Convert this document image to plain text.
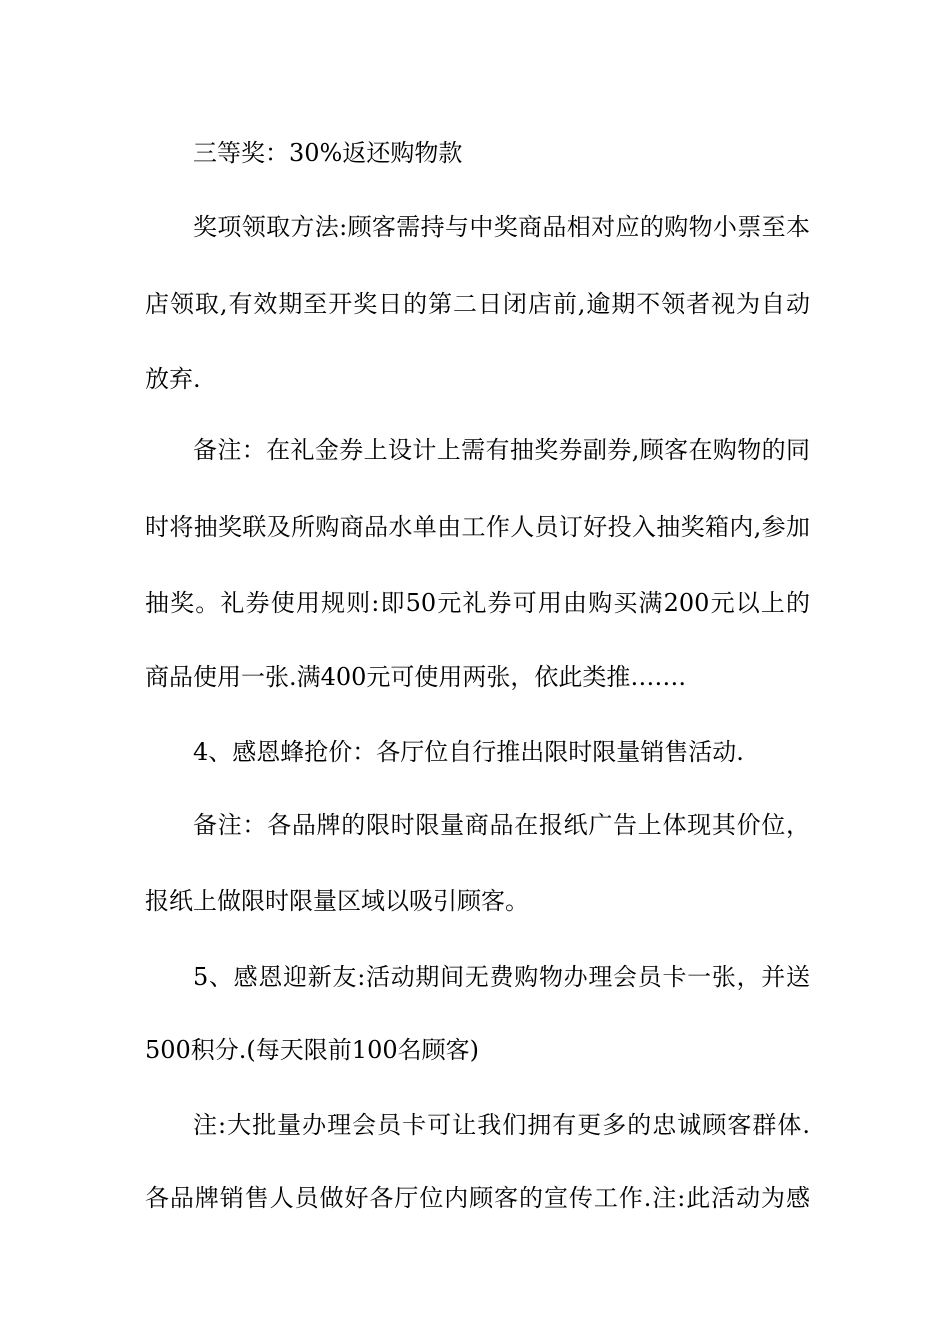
三等奖：30%返还购物款
奖项领取方法:顾客需持与中奖商品相对应的购物小票至本
店领取,有效期至开奖日的第二日闭店前,逾期不领者视为自动
放弃.
备注：在礼金券上设计上需有抽奖券副券,顾客在购物的同
时将抽奖联及所购商品水单由工作人员订好投入抽奖箱内,参加
抽奖。礼券使用规则:即50元礼券可用由购买满200元以上的
商品使用一张.满400元可使用两张，依此类推…….
4、感恩蜂抢价：各厅位自行推出限时限量销售活动.
备注：各品牌的限时限量商品在报纸广告上体现其价位，
报纸上做限时限量区域以吸引顾客。
5、感恩迎新友:活动期间无费购物办理会员卡一张，并送
500积分.(每天限前100名顾客)
注:大批量办理会员卡可让我们拥有更多的忠诚顾客群体.
各品牌销售人员做好各厅位内顾客的宣传工作.注:此活动为感
